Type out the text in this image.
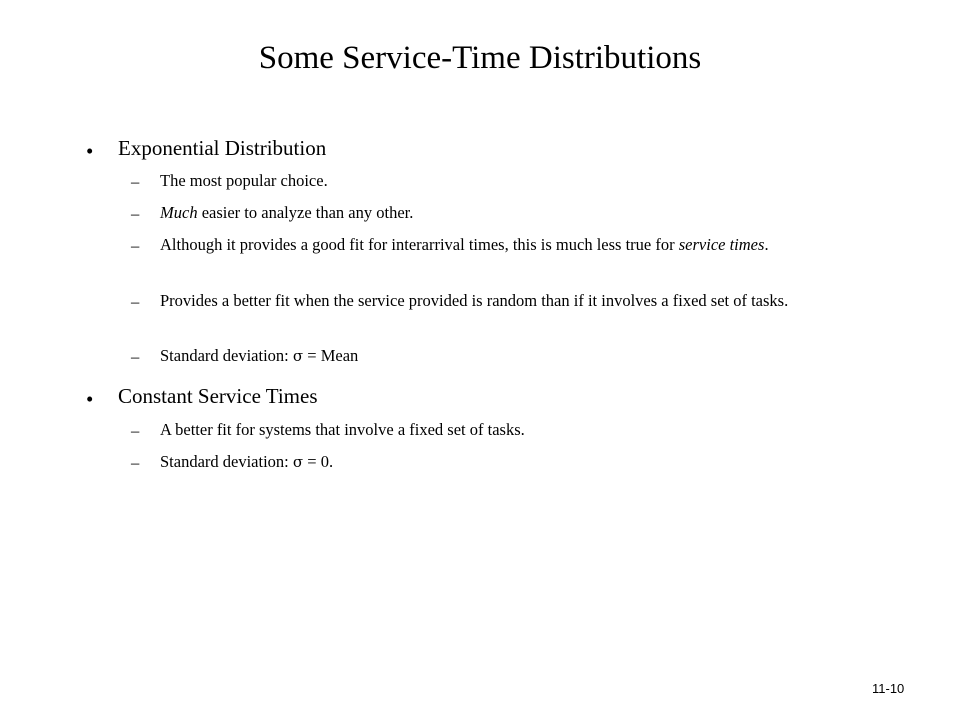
Some Service-Time Distributions
• Exponential Distribution
– The most popular choice.
– Much easier to analyze than any other.
– Although it provides a good fit for interarrival times, this is much less true for service times.
– Provides a better fit when the service provided is random than if it involves a fixed set of tasks.
– Standard deviation: σ = Mean
• Constant Service Times
– A better fit for systems that involve a fixed set of tasks.
– Standard deviation: σ = 0.
11-10
